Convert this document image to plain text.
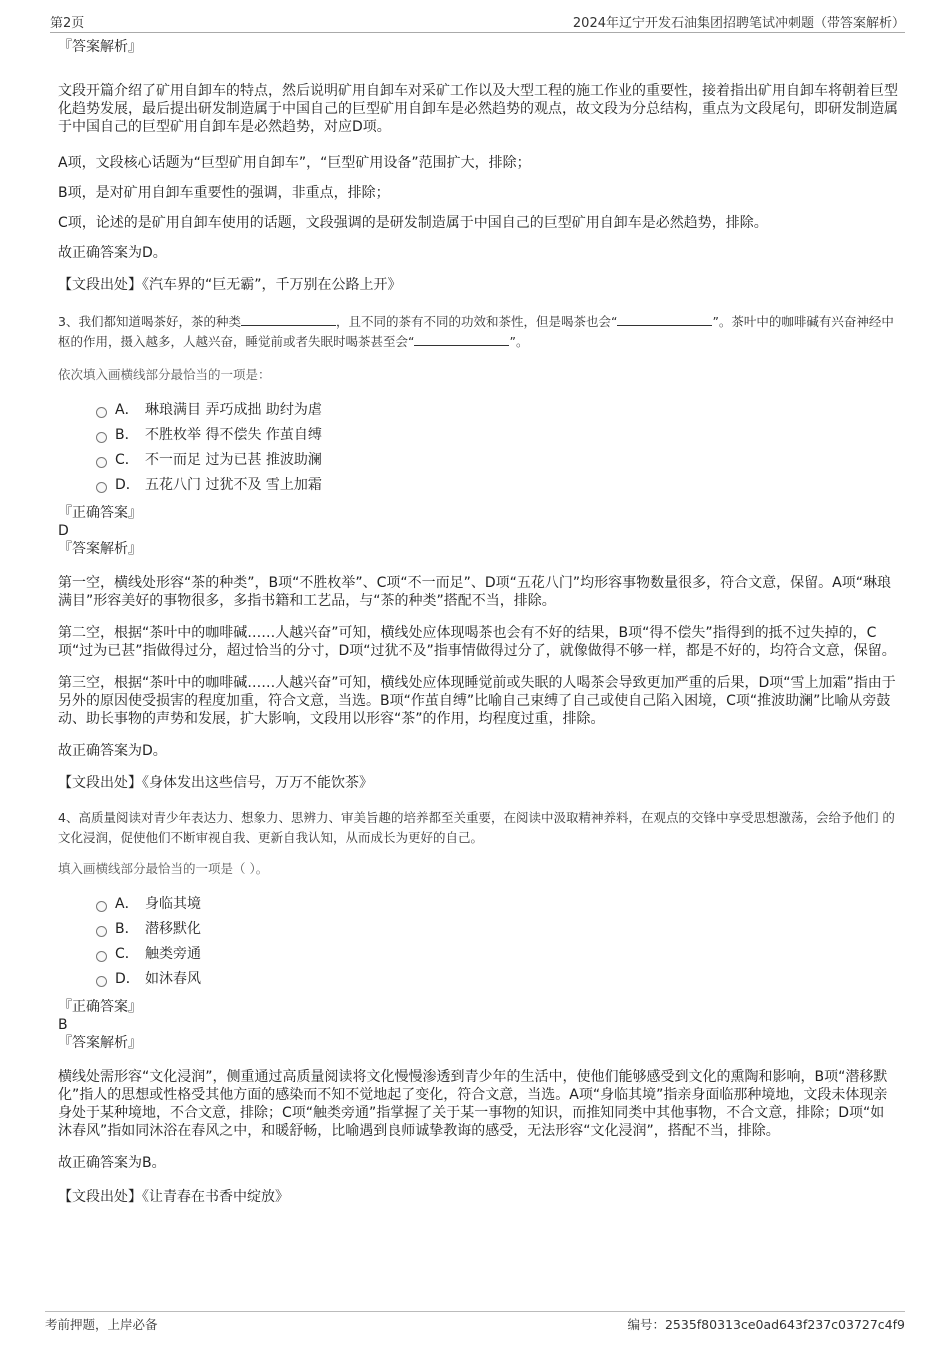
第2页	2024年辽宁开发石油集团招聘笔试冲刺题（带答案解析）
『答案解析』

文段开篇介绍了矿用自卸车的特点，然后说明矿用自卸车对采矿工作以及大型工程的施工作业的重要性，接着指出矿用自卸车将朝着巨型化趋势发展，最后提出研发制造属于中国自己的巨型矿用自卸车是必然趋势的观点，故文段为分总结构，重点为文段尾句，即研发制造属于中国自己的巨型矿用自卸车是必然趋势，对应D项。

A项，文段核心话题为“巨型矿用自卸车”，“巨型矿用设备”范围扩大，排除；

B项，是对矿用自卸车重要性的强调，非重点，排除；

C项，论述的是矿用自卸车使用的话题，文段强调的是研发制造属于中国自己的巨型矿用自卸车是必然趋势，排除。

故正确答案为D。

【文段出处】《汽车界的“巨无霸”，千万别在公路上开》

3、我们都知道喝茶好，茶的种类	，且不同的茶有不同的功效和茶性，但是喝茶也会“	”。茶叶中的咖啡碱有兴奋神经中枢的作用，摄入越多，人越兴奋，睡觉前或者失眠时喝茶甚至会“	”。

依次填入画横线部分最恰当的一项是：

A． 琳琅满目 弄巧成拙 助纣为虐
B． 不胜枚举 得不偿失 作茧自缚
C． 不一而足 过为已甚 推波助澜
D． 五花八门 过犹不及 雪上加霜
『正确答案』
D
『答案解析』

第一空，横线处形容“茶的种类”，B项“不胜枚举”、C项“不一而足”、D项“五花八门”均形容事物数量很多，符合文意，保留。A项“琳琅满目”形容美好的事物很多，多指书籍和工艺品，与“茶的种类”搭配不当，排除。

第二空，根据“茶叶中的咖啡碱……人越兴奋”可知，横线处应体现喝茶也会有不好的结果，B项“得不偿失”指得到的抵不过失掉的，C项“过为已甚”指做得过分，超过恰当的分寸，D项“过犹不及”指事情做得过分了，就像做得不够一样，都是不好的，均符合文意，保留。

第三空，根据“茶叶中的咖啡碱……人越兴奋”可知，横线处应体现睡觉前或失眠的人喝茶会导致更加严重的后果，D项“雪上加霜”指由于另外的原因使受损害的程度加重，符合文意，当选。B项“作茧自缚”比喻自己束缚了自己或使自己陷入困境，C项“推波助澜”比喻从旁鼓动、助长事物的声势和发展，扩大影响，文段用以形容“茶”的作用，均程度过重，排除。

故正确答案为D。

【文段出处】《身体发出这些信号，万万不能饮茶》

4、高质量阅读对青少年表达力、想象力、思辨力、审美旨趣的培养都至关重要，在阅读中汲取精神养料，在观点的交锋中享受思想激荡，会给予他们 的文化浸润，促使他们不断审视自我、更新自我认知，从而成长为更好的自己。

填入画横线部分最恰当的一项是（ ）。

A． 身临其境
B． 潜移默化
C． 触类旁通
D． 如沐春风
『正确答案』
B
『答案解析』

横线处需形容“文化浸润”，侧重通过高质量阅读将文化慢慢渗透到青少年的生活中，使他们能够感受到文化的熏陶和影响，B项“潜移默化”指人的思想或性格受其他方面的感染而不知不觉地起了变化，符合文意，当选。A项“身临其境”指亲身面临那种境地，文段未体现亲身处于某种境地，不合文意，排除；C项“触类旁通”指掌握了关于某一事物的知识，而推知同类中其他事物，不合文意，排除；D项“如沐春风”指如同沐浴在春风之中，和暖舒畅，比喻遇到良师诚挚教诲的感受，无法形容“文化浸润”，搭配不当，排除。

故正确答案为B。

【文段出处】《让青春在书香中绽放》

考前押题，上岸必备	编号：2535f80313ce0ad643f237c03727c4f9
